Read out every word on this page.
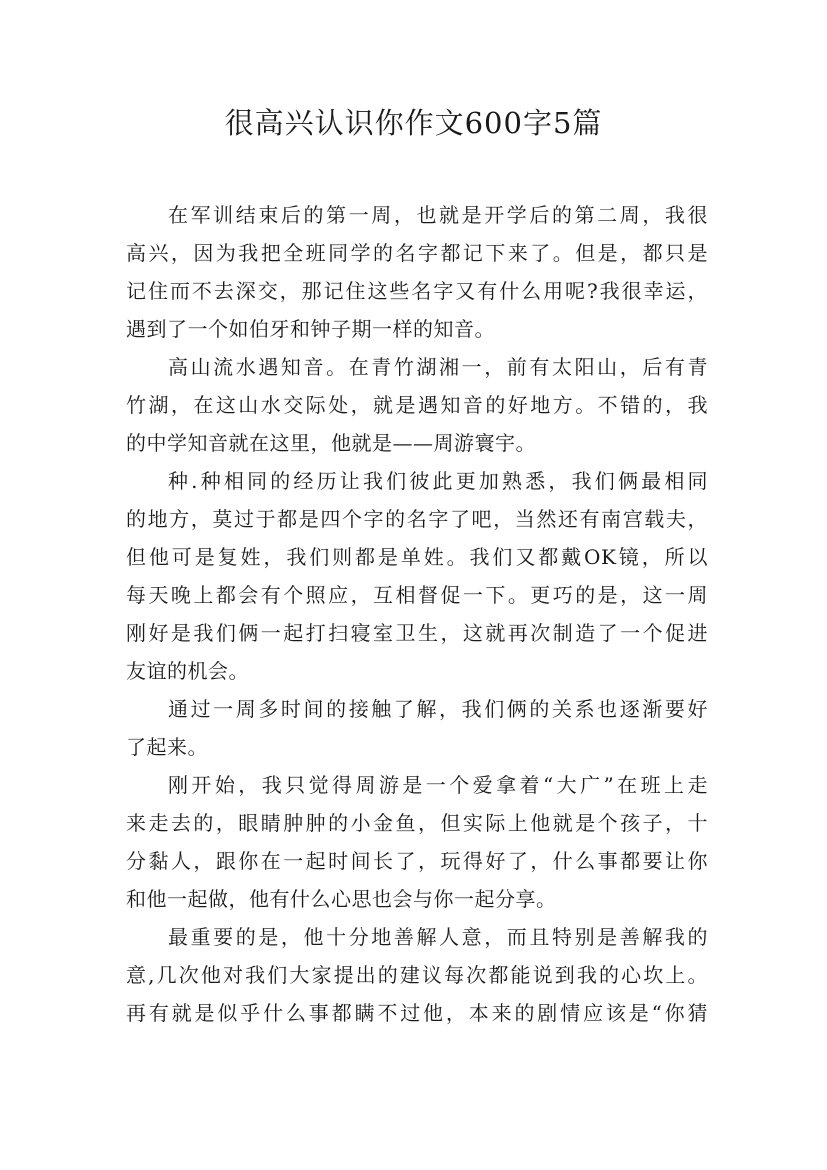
很高兴认识你作文600字5篇
在军训结束后的第一周，也就是开学后的第二周，我很
高兴，因为我把全班同学的名字都记下来了。但是，都只是
记住而不去深交，那记住这些名字又有什么用呢?我很幸运，
遇到了一个如伯牙和钟子期一样的知音。
高山流水遇知音。在青竹湖湘一，前有太阳山，后有青
竹湖，在这山水交际处，就是遇知音的好地方。不错的，我
的中学知音就在这里，他就是——周游寰宇。
种.种相同的经历让我们彼此更加熟悉，我们俩最相同
的地方，莫过于都是四个字的名字了吧，当然还有南宫载夫，
但他可是复姓，我们则都是单姓。我们又都戴OK镜，所以
每天晚上都会有个照应，互相督促一下。更巧的是，这一周
刚好是我们俩一起打扫寝室卫生，这就再次制造了一个促进
友谊的机会。
通过一周多时间的接触了解，我们俩的关系也逐渐要好
了起来。
刚开始，我只觉得周游是一个爱拿着“大广”在班上走
来走去的，眼睛肿肿的小金鱼，但实际上他就是个孩子，十
分黏人，跟你在一起时间长了，玩得好了，什么事都要让你
和他一起做，他有什么心思也会与你一起分享。
最重要的是，他十分地善解人意，而且特别是善解我的
意,几次他对我们大家提出的建议每次都能说到我的心坎上。
再有就是似乎什么事都瞒不过他，本来的剧情应该是“你猜
